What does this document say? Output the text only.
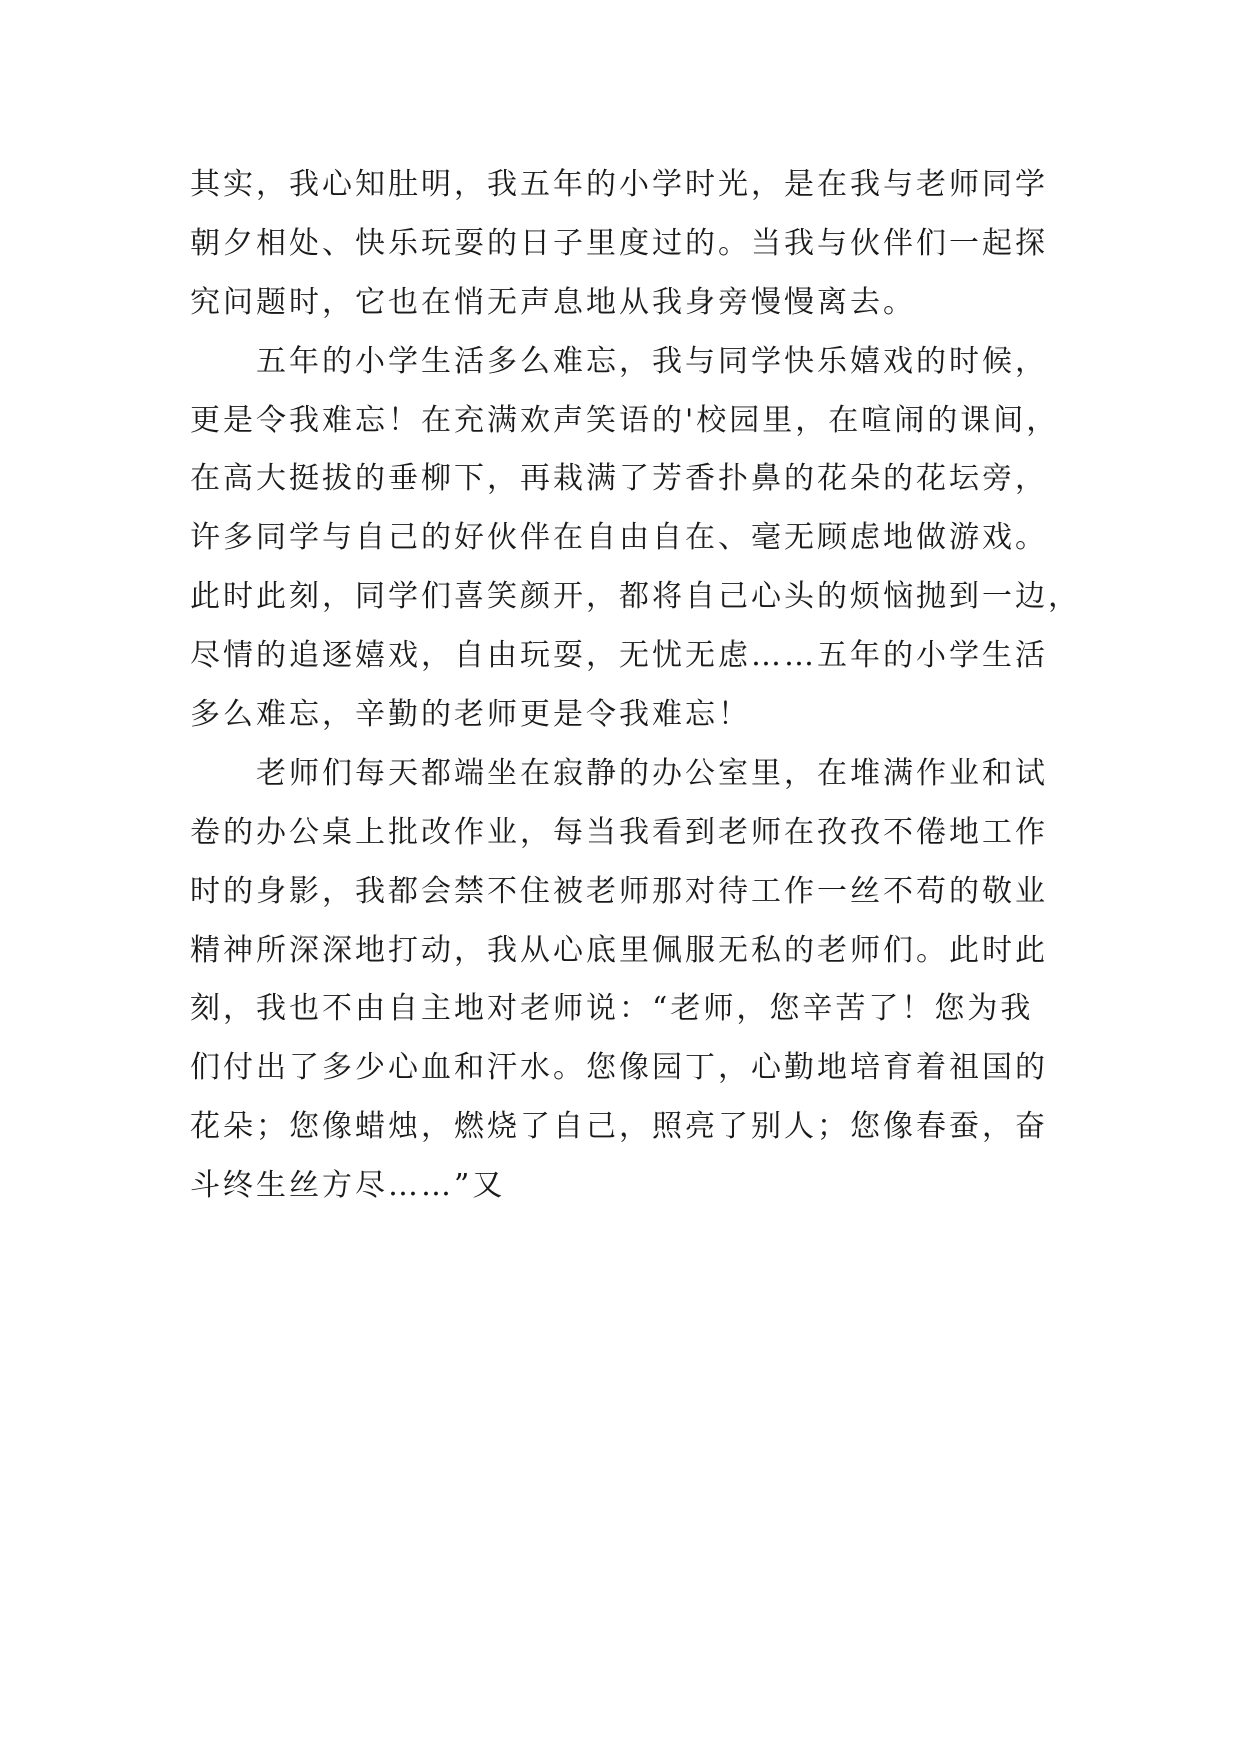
其实，我心知肚明，我五年的小学时光，是在我与老师同学
朝夕相处、快乐玩耍的日子里度过的。当我与伙伴们一起探
究问题时，它也在悄无声息地从我身旁慢慢离去。
　　五年的小学生活多么难忘，我与同学快乐嬉戏的时候，
更是令我难忘！在充满欢声笑语的'校园里，在喧闹的课间，
在高大挺拔的垂柳下，再栽满了芳香扑鼻的花朵的花坛旁，
许多同学与自己的好伙伴在自由自在、毫无顾虑地做游戏。
此时此刻，同学们喜笑颜开，都将自己心头的烦恼抛到一边，
尽情的追逐嬉戏，自由玩耍，无忧无虑……五年的小学生活
多么难忘，辛勤的老师更是令我难忘！
　　老师们每天都端坐在寂静的办公室里，在堆满作业和试
卷的办公桌上批改作业，每当我看到老师在孜孜不倦地工作
时的身影，我都会禁不住被老师那对待工作一丝不苟的敬业
精神所深深地打动，我从心底里佩服无私的老师们。此时此
刻，我也不由自主地对老师说：“老师，您辛苦了！您为我
们付出了多少心血和汗水。您像园丁，心勤地培育着祖国的
花朵；您像蜡烛，燃烧了自己，照亮了别人；您像春蚕，奋
斗终生丝方尽……”又
